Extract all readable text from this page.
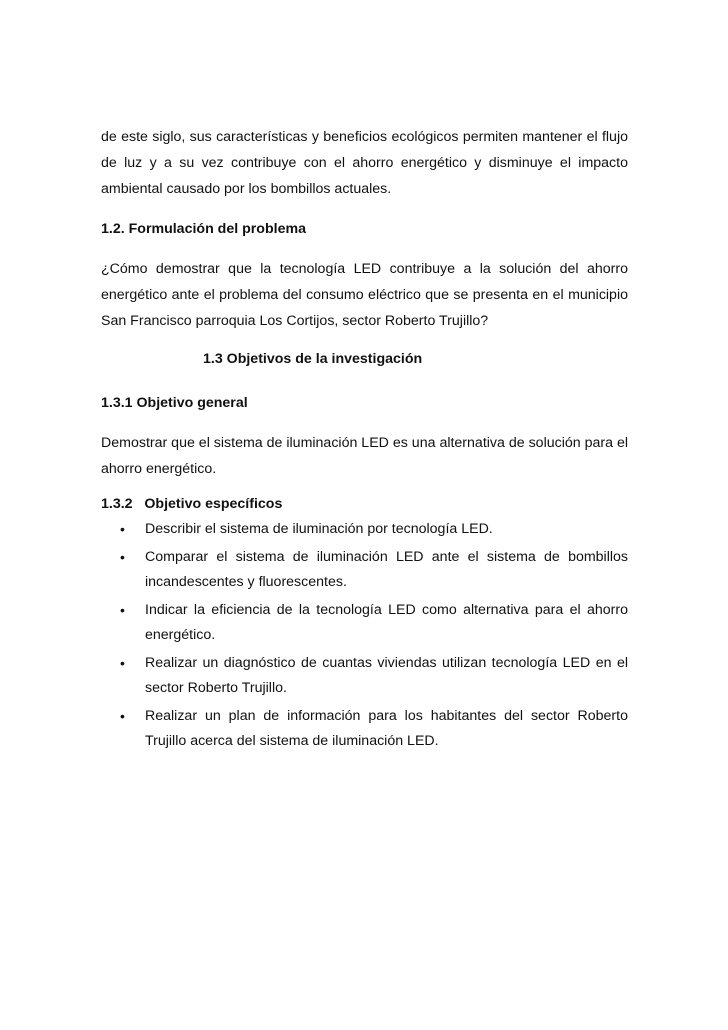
de este siglo, sus características y beneficios ecológicos permiten mantener el flujo de luz y a su vez contribuye con el ahorro energético y disminuye el impacto ambiental causado por los bombillos actuales.
1.2. Formulación del problema
¿Cómo demostrar que la tecnología LED contribuye a la solución del ahorro energético ante el problema del consumo eléctrico que se presenta en el municipio San Francisco parroquia Los Cortijos, sector Roberto Trujillo?
1.3 Objetivos de la investigación
1.3.1 Objetivo general
Demostrar que el sistema de iluminación LED es una alternativa de solución para el ahorro energético.
1.3.2   Objetivo específicos
• Describir el sistema de iluminación por tecnología LED.
• Comparar el sistema de iluminación LED ante el sistema de bombillos incandescentes y fluorescentes.
• Indicar la eficiencia de la tecnología LED como alternativa para el ahorro energético.
• Realizar un diagnóstico de cuantas viviendas utilizan tecnología LED en el sector Roberto Trujillo.
• Realizar un plan de información para los habitantes del sector Roberto Trujillo acerca del sistema de iluminación LED.
